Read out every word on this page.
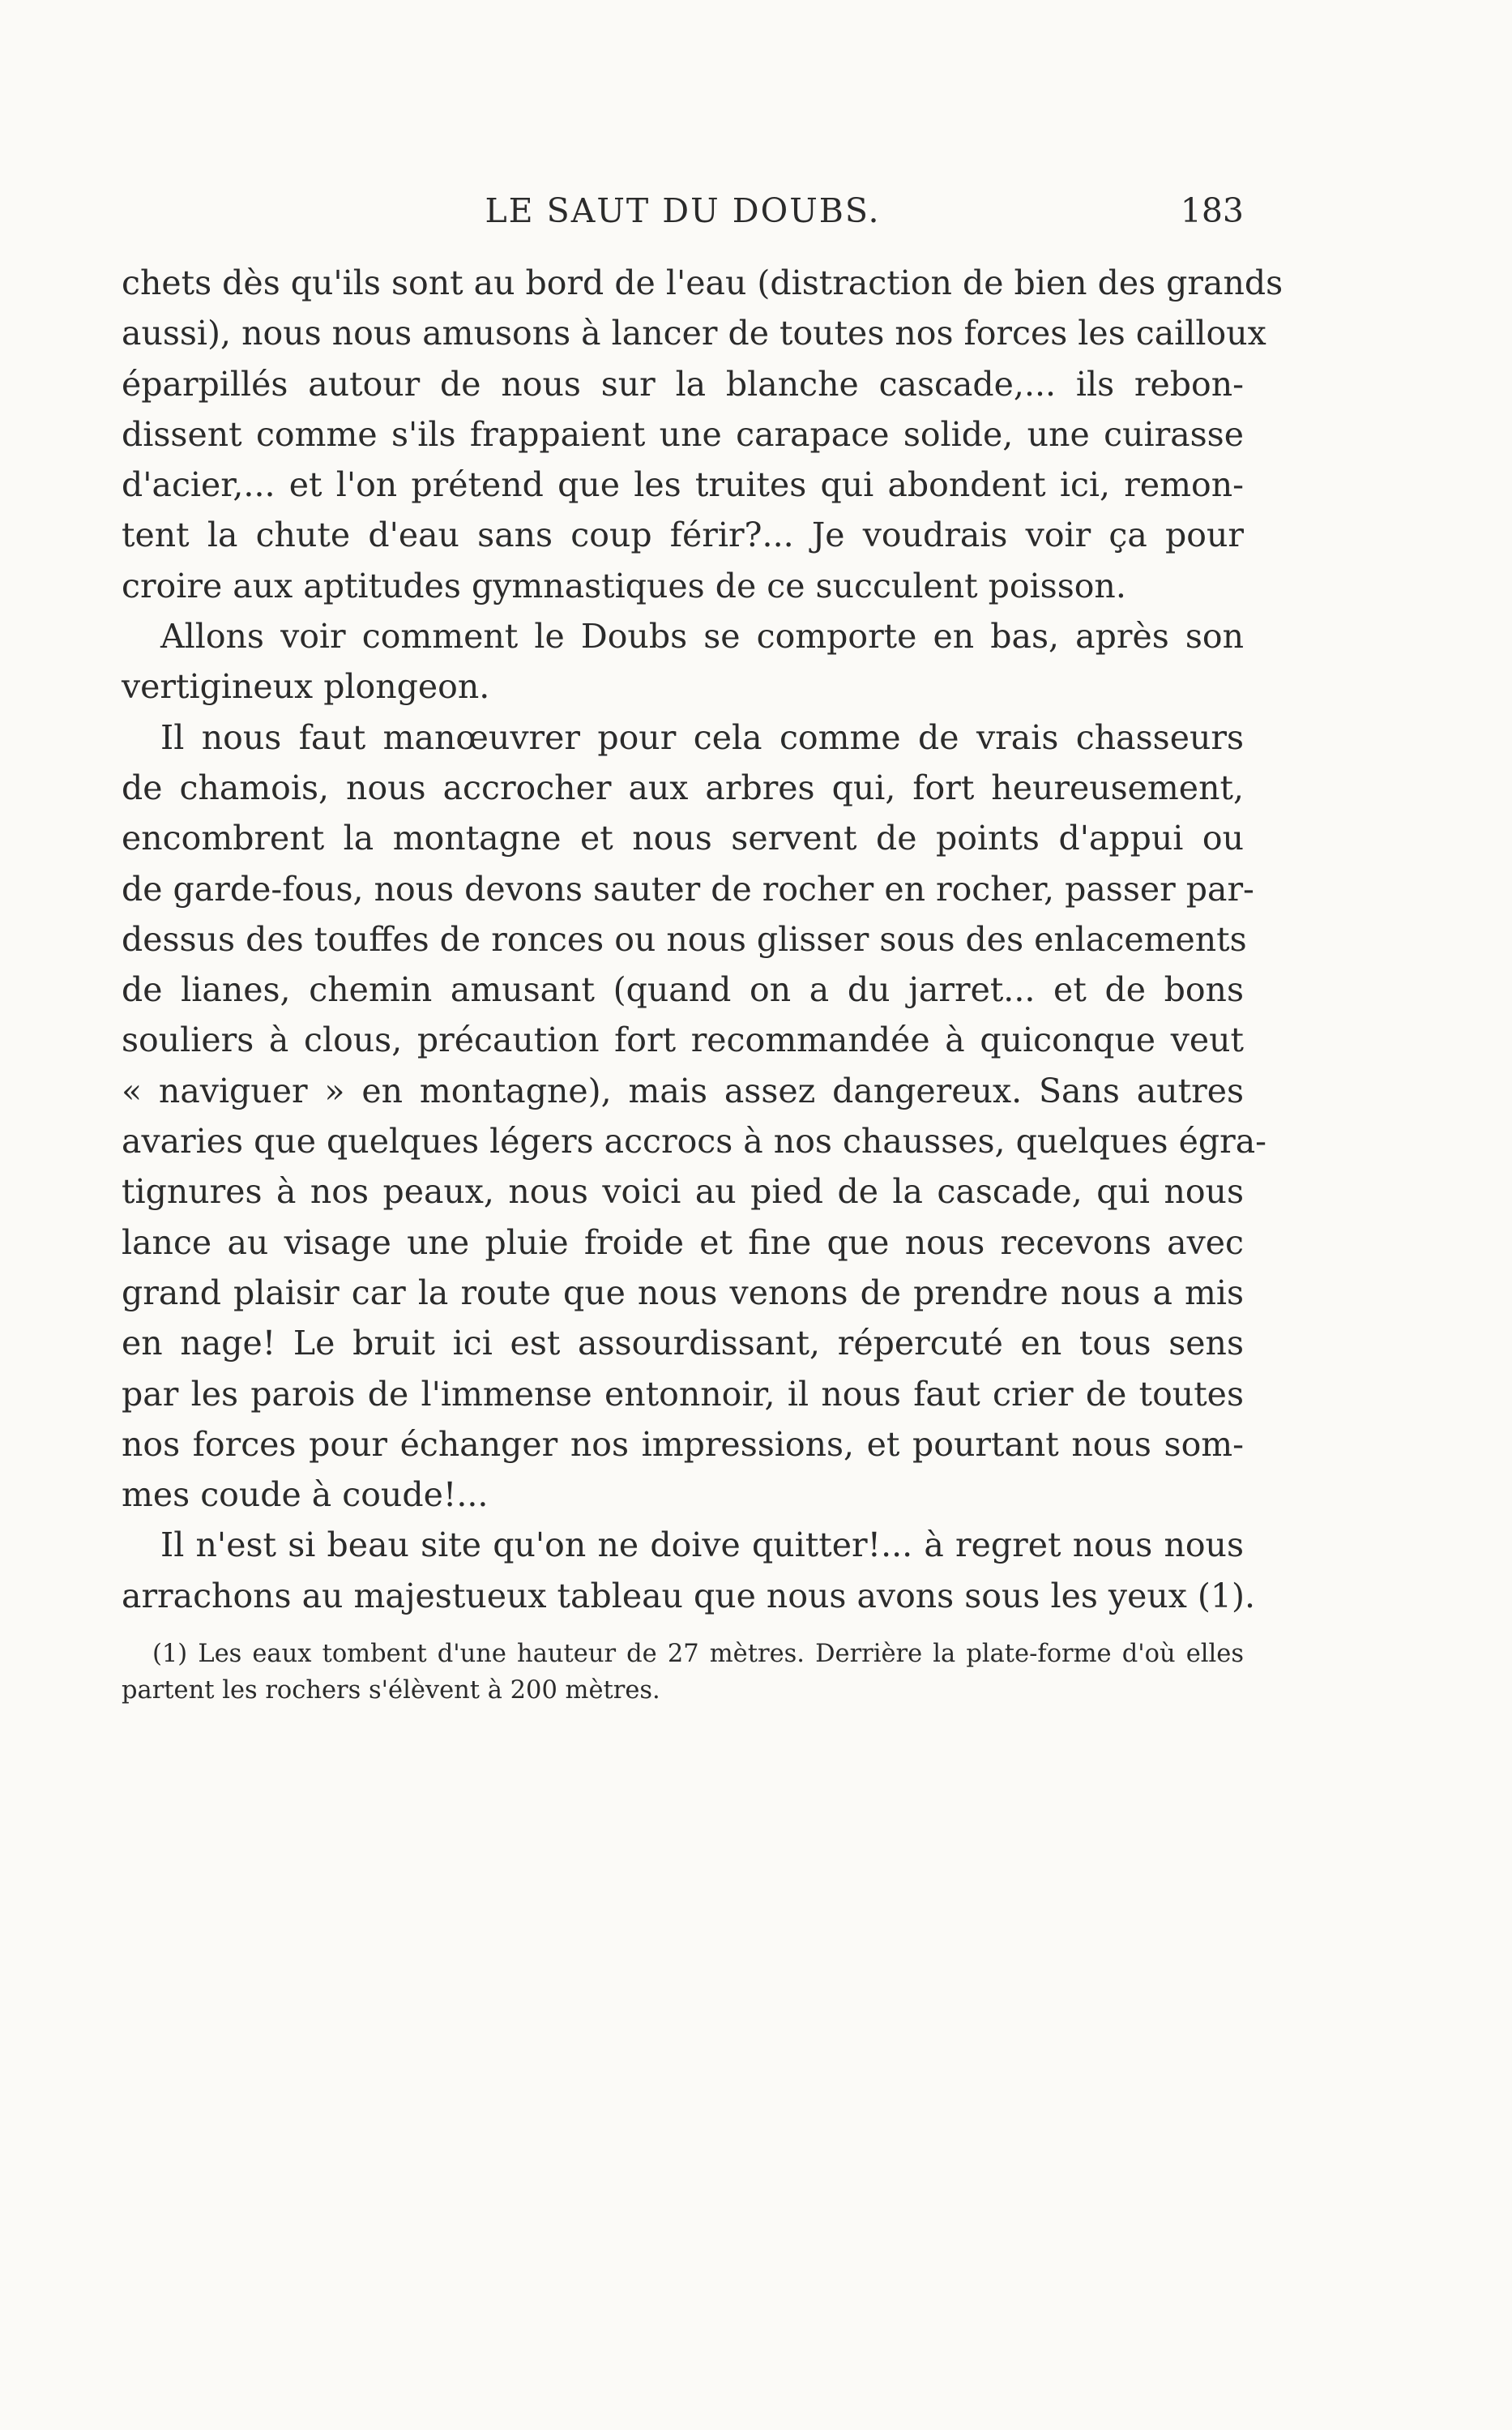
LE SAUT DU DOUBS.	183
chets dès qu'ils sont au bord de l'eau (distraction de bien des grands
aussi), nous nous amusons à lancer de toutes nos forces les cailloux
éparpillés autour de nous sur la blanche cascade,... ils rebon-
dissent comme s'ils frappaient une carapace solide, une cuirasse
d'acier,... et l'on prétend que les truites qui abondent ici, remon-
tent la chute d'eau sans coup férir?... Je voudrais voir ça pour
croire aux aptitudes gymnastiques de ce succulent poisson.
Allons voir comment le Doubs se comporte en bas, après son
vertigineux plongeon.
Il nous faut manœuvrer pour cela comme de vrais chasseurs
de chamois, nous accrocher aux arbres qui, fort heureusement,
encombrent la montagne et nous servent de points d'appui ou
de garde-fous, nous devons sauter de rocher en rocher, passer par-
dessus des touffes de ronces ou nous glisser sous des enlacements
de lianes, chemin amusant (quand on a du jarret... et de bons
souliers à clous, précaution fort recommandée à quiconque veut
« naviguer » en montagne), mais assez dangereux. Sans autres
avaries que quelques légers accrocs à nos chausses, quelques égra-
tignures à nos peaux, nous voici au pied de la cascade, qui nous
lance au visage une pluie froide et fine que nous recevons avec
grand plaisir car la route que nous venons de prendre nous a mis
en nage! Le bruit ici est assourdissant, répercuté en tous sens
par les parois de l'immense entonnoir, il nous faut crier de toutes
nos forces pour échanger nos impressions, et pourtant nous som-
mes coude à coude!...
Il n'est si beau site qu'on ne doive quitter!... à regret nous nous
arrachons au majestueux tableau que nous avons sous les yeux (1).
(1) Les eaux tombent d'une hauteur de 27 mètres. Derrière la plate-forme d'où elles
partent les rochers s'élèvent à 200 mètres.
